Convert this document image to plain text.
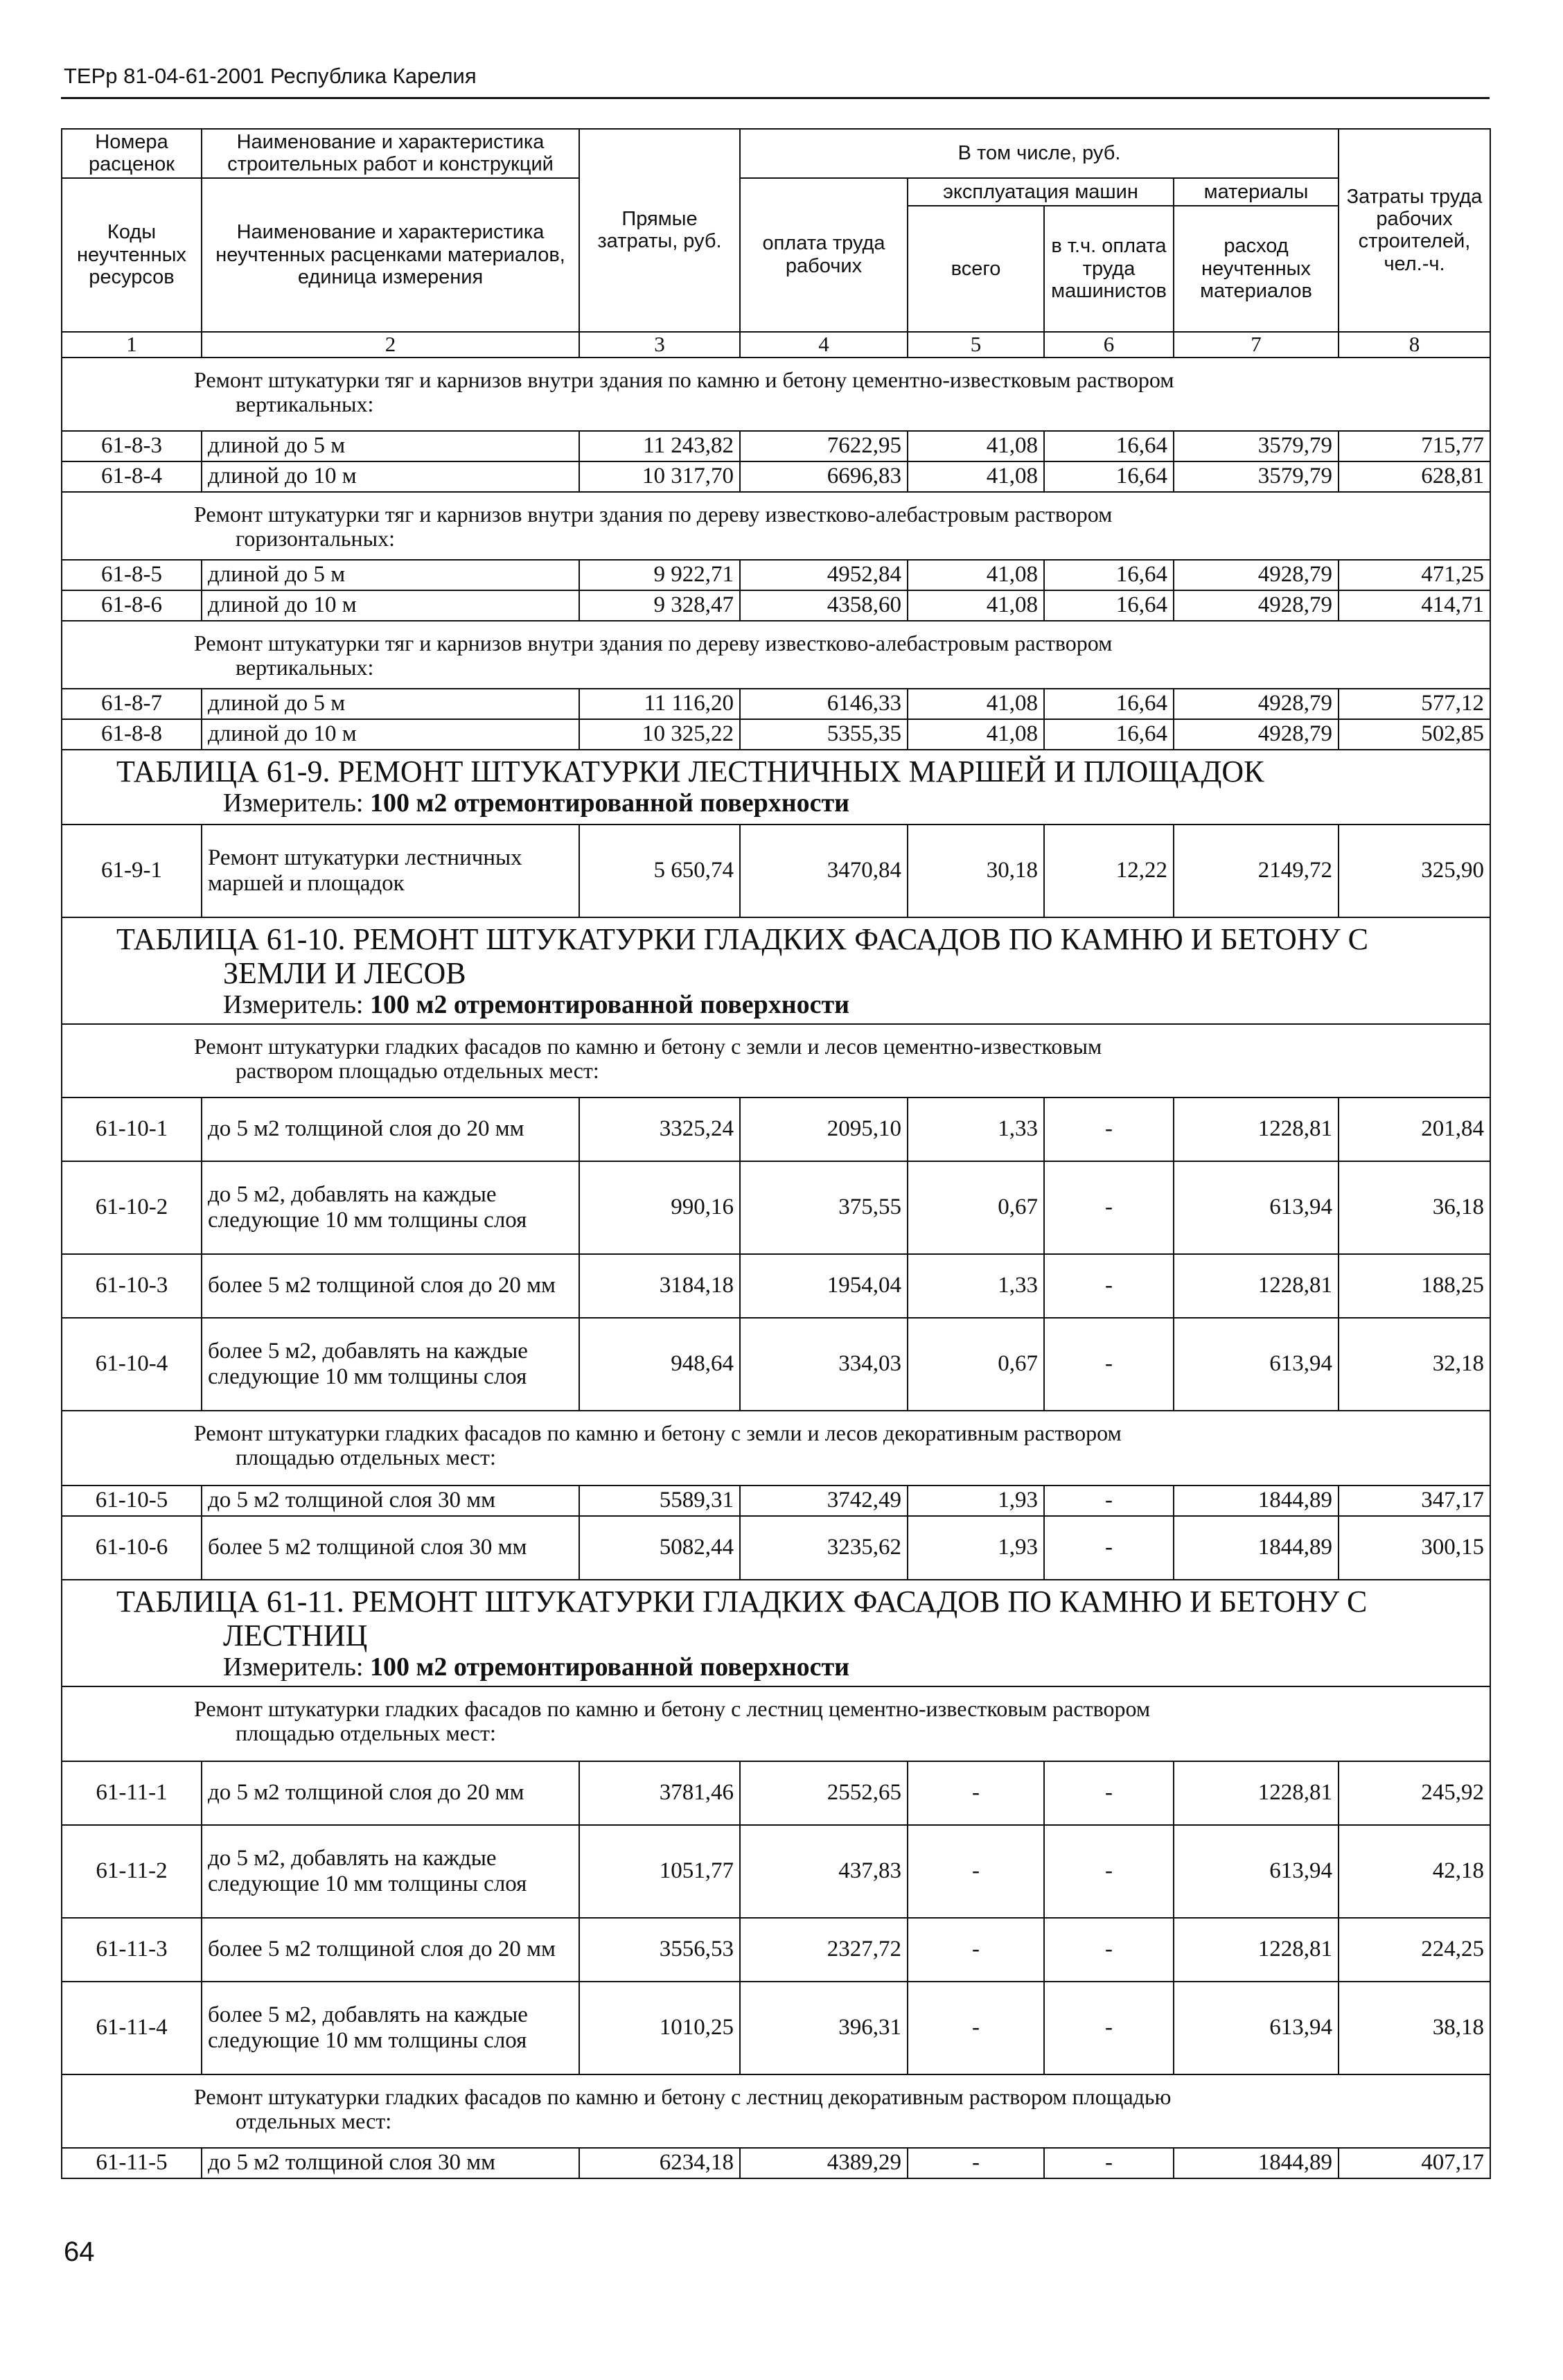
ТЕРр 81-04-61-2001 Республика Карелия
Номера расценок	Наименование и характеристика строительных работ и конструкций	Прямые затраты, руб.	В том числе, руб.				Затраты труда рабочих строителей, чел.-ч.
Коды неучтенных ресурсов	Наименование и характеристика неучтенных расценками материалов, единица измерения		оплата труда рабочих	эксплуатация машин		материалы	
				всего	в т.ч. оплата труда машинистов	расход неучтенных материалов	
1	2	3	4	5	6	7	8

Ремонт штукатурки тяг и карнизов внутри здания по камню и бетону цементно-известковым раствором
вертикальных:							

61-8-3	длиной до 5 м	11 243,82	7622,95	41,08	16,64	3579,79	715,77
61-8-4	длиной до 10 м	10 317,70	6696,83	41,08	16,64	3579,79	628,81

Ремонт штукатурки тяг и карнизов внутри здания по дереву известково-алебастровым раствором
горизонтальных:							

61-8-5	длиной до 5 м	9 922,71	4952,84	41,08	16,64	4928,79	471,25
61-8-6	длиной до 10 м	9 328,47	4358,60	41,08	16,64	4928,79	414,71

Ремонт штукатурки тяг и карнизов внутри здания по дереву известково-алебастровым раствором
вертикальных:							

61-8-7	длиной до 5 м	11 116,20	6146,33	41,08	16,64	4928,79	577,12
61-8-8	длиной до 10 м	10 325,22	5355,35	41,08	16,64	4928,79	502,85

ТАБЛИЦА 61-9. РЕМОНТ ШТУКАТУРКИ ЛЕСТНИЧНЫХ МАРШЕЙ И ПЛОЩАДОК
Измеритель: 100 м2 отремонтированной поверхности							

61-9-1	Ремонт штукатурки лестничных маршей и площадок	5 650,74	3470,84	30,18	12,22	2149,72	325,90

ТАБЛИЦА 61-10. РЕМОНТ ШТУКАТУРКИ ГЛАДКИХ ФАСАДОВ ПО КАМНЮ И БЕТОНУ С
ЗЕМЛИ И ЛЕСОВ
Измеритель: 100 м2 отремонтированной поверхности							

Ремонт штукатурки гладких фасадов по камню и бетону с земли и лесов цементно-известковым
раствором площадью отдельных мест:							

61-10-1	до 5 м2 толщиной слоя до 20 мм	3325,24	2095,10	1,33	-	1228,81	201,84
61-10-2	до 5 м2, добавлять на каждые следующие 10 мм толщины слоя	990,16	375,55	0,67	-	613,94	36,18
61-10-3	более 5 м2 толщиной слоя до 20 мм	3184,18	1954,04	1,33	-	1228,81	188,25
61-10-4	более 5 м2, добавлять на каждые следующие 10 мм толщины слоя	948,64	334,03	0,67	-	613,94	32,18

Ремонт штукатурки гладких фасадов по камню и бетону с земли и лесов декоративным раствором
площадью отдельных мест:							

61-10-5	до 5 м2 толщиной слоя 30 мм	5589,31	3742,49	1,93	-	1844,89	347,17
61-10-6	более 5 м2 толщиной слоя 30 мм	5082,44	3235,62	1,93	-	1844,89	300,15

ТАБЛИЦА 61-11. РЕМОНТ ШТУКАТУРКИ ГЛАДКИХ ФАСАДОВ ПО КАМНЮ И БЕТОНУ С
ЛЕСТНИЦ
Измеритель: 100 м2 отремонтированной поверхности							

Ремонт штукатурки гладких фасадов по камню и бетону с лестниц цементно-известковым раствором
площадью отдельных мест:							

61-11-1	до 5 м2 толщиной слоя до 20 мм	3781,46	2552,65	-	-	1228,81	245,92
61-11-2	до 5 м2, добавлять на каждые следующие 10 мм толщины слоя	1051,77	437,83	-	-	613,94	42,18
61-11-3	более 5 м2 толщиной слоя до 20 мм	3556,53	2327,72	-	-	1228,81	224,25
61-11-4	более 5 м2, добавлять на каждые следующие 10 мм толщины слоя	1010,25	396,31	-	-	613,94	38,18

Ремонт штукатурки гладких фасадов по камню и бетону с лестниц декоративным раствором площадью
отдельных мест:							

61-11-5	до 5 м2 толщиной слоя 30 мм	6234,18	4389,29	-	-	1844,89	407,17
64
